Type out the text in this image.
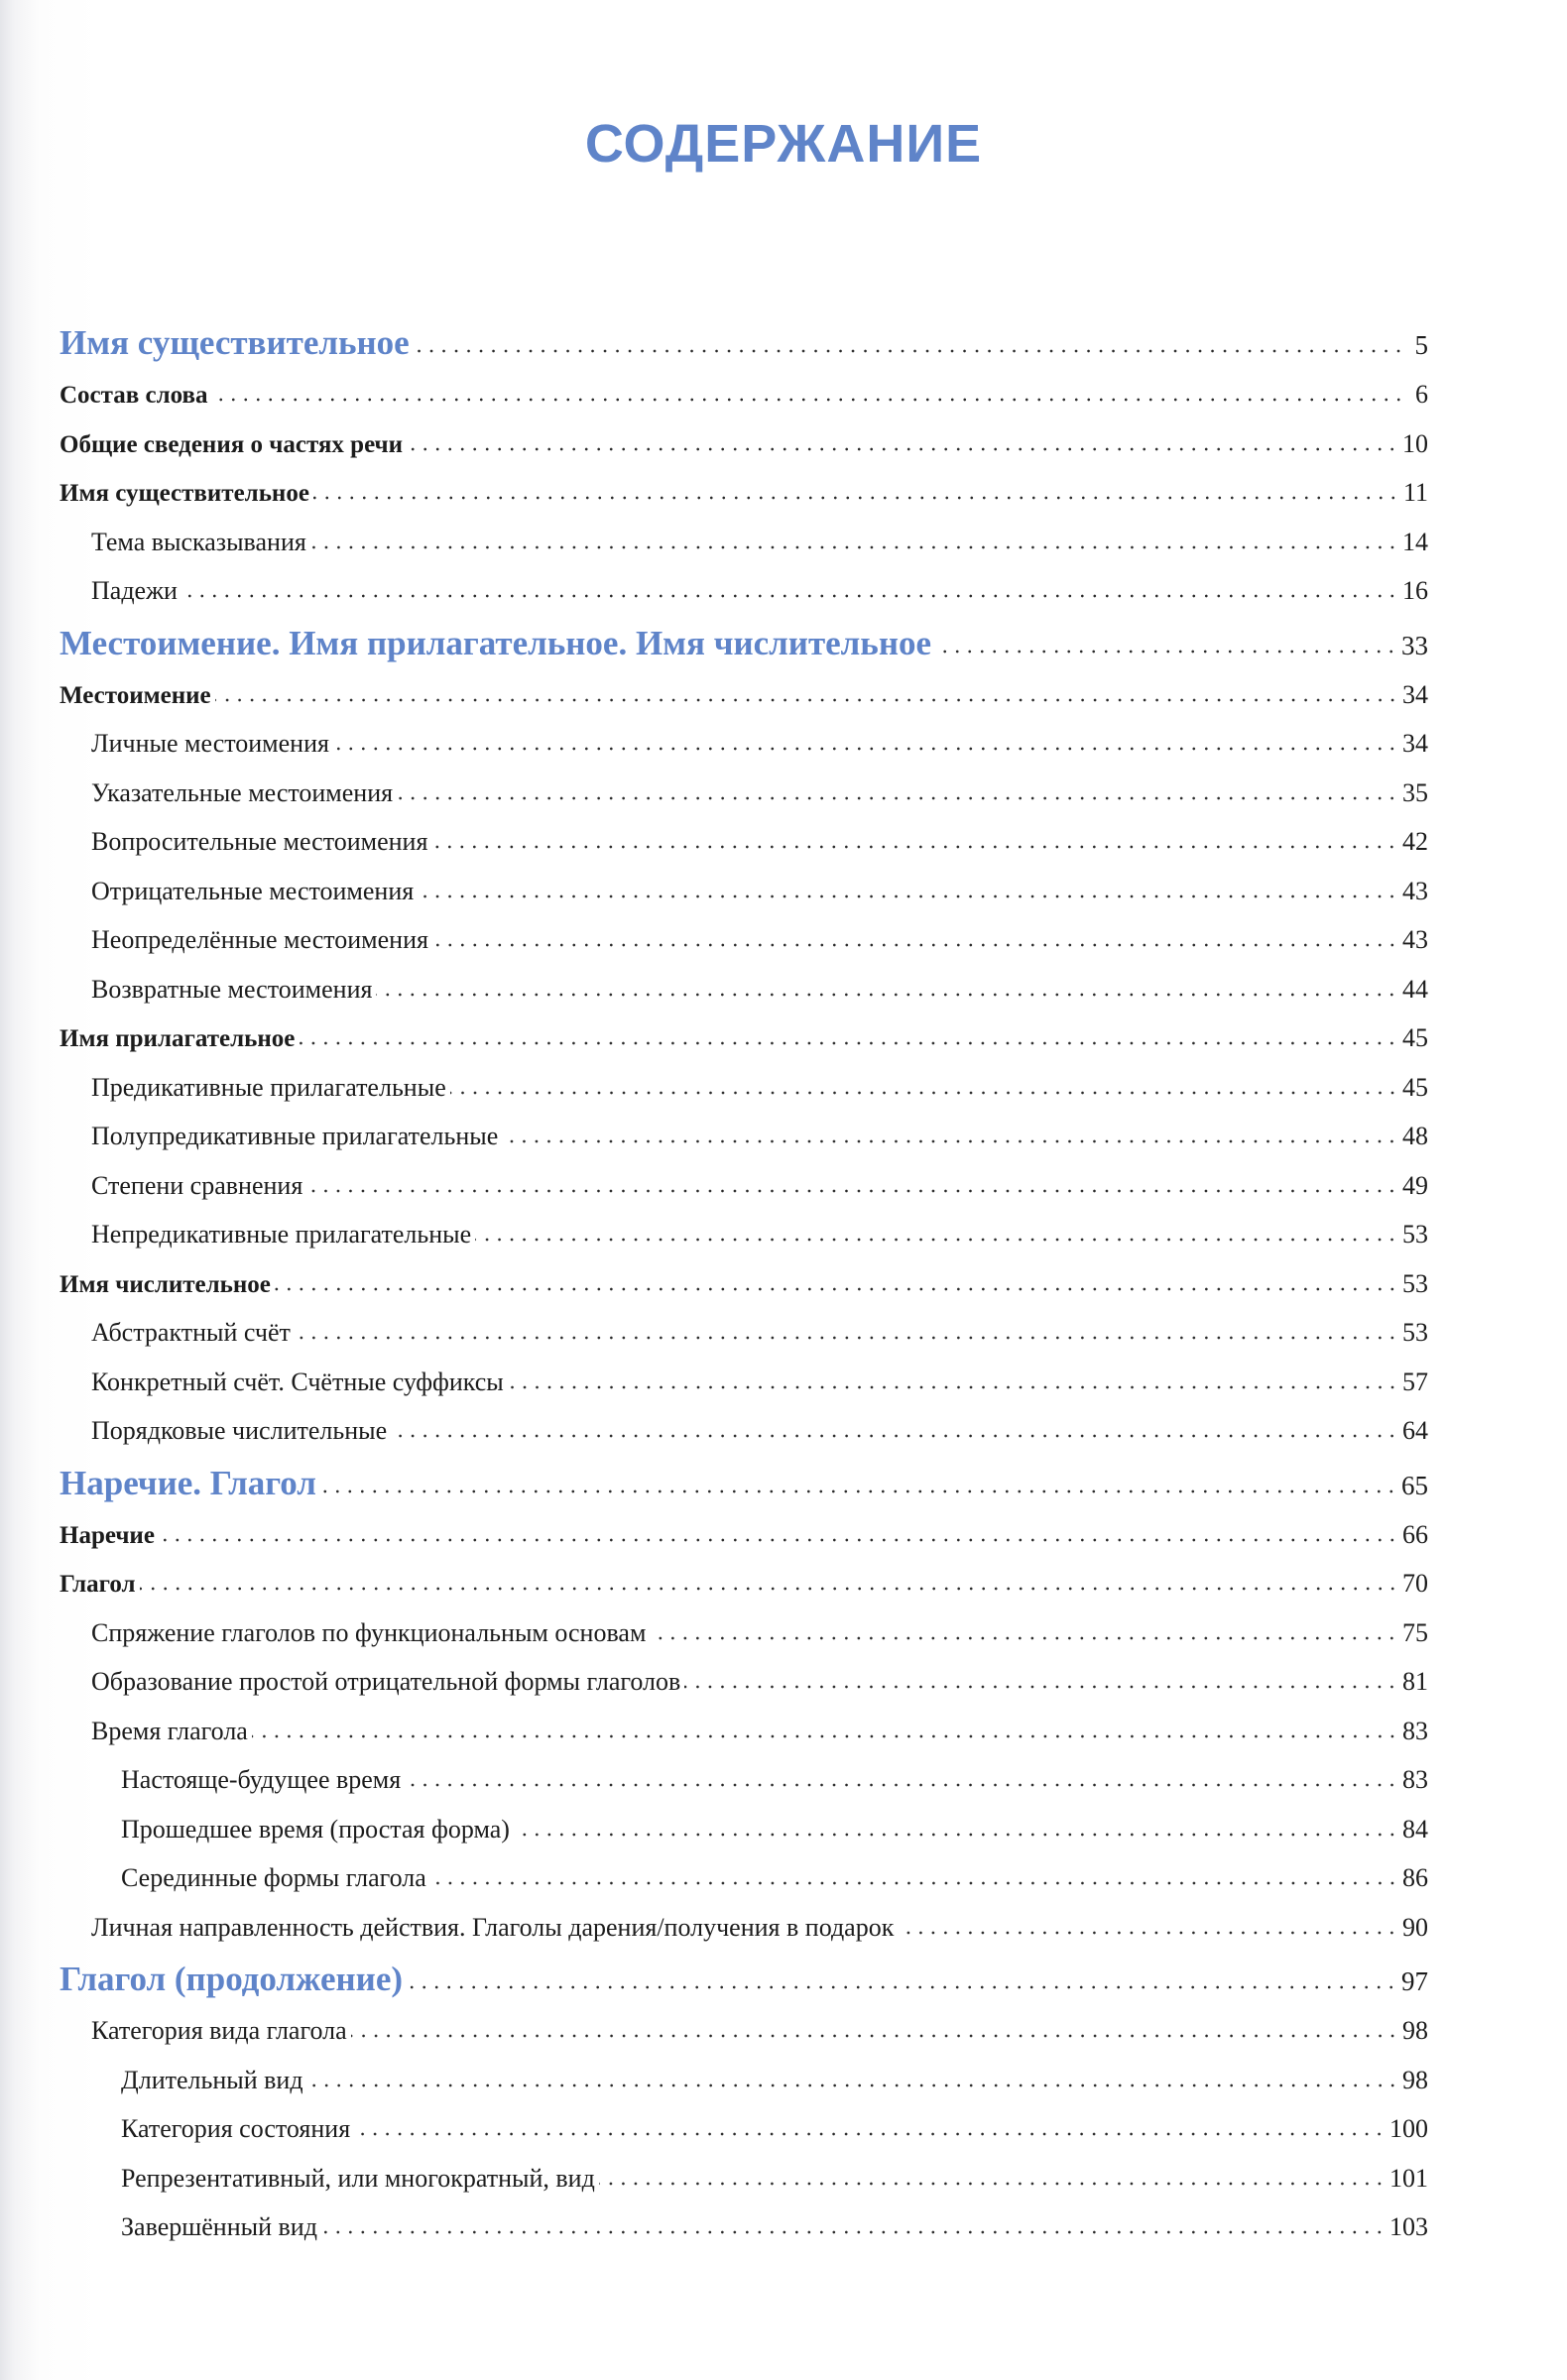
СОДЕРЖАНИЕ
Имя существительное	5
Состав слова	6
Общие сведения о частях речи	10
Имя существительное	11
Тема высказывания	14
Падежи	16
Местоимение. Имя прилагательное. Имя числительное	33
Местоимение	34
Личные местоимения	34
Указательные местоимения	35
Вопросительные местоимения	42
Отрицательные местоимения	43
Неопределённые местоимения	43
Возвратные местоимения	44
Имя прилагательное	45
Предикативные прилагательные	45
Полупредикативные прилагательные	48
Степени сравнения	49
Непредикативные прилагательные	53
Имя числительное	53
Абстрактный счёт	53
Конкретный счёт. Счётные суффиксы	57
Порядковые числительные	64
Наречие. Глагол	65
Наречие	66
Глагол	70
Спряжение глаголов по функциональным основам	75
Образование простой отрицательной формы глаголов	81
Время глагола	83
Настояще-будущее время	83
Прошедшее время (простая форма)	84
Серединные формы глагола	86
Личная направленность действия. Глаголы дарения/получения в подарок	90
Глагол (продолжение)	97
Категория вида глагола	98
Длительный вид	98
Категория состояния	100
Репрезентативный, или многократный, вид	101
Завершённый вид	103
